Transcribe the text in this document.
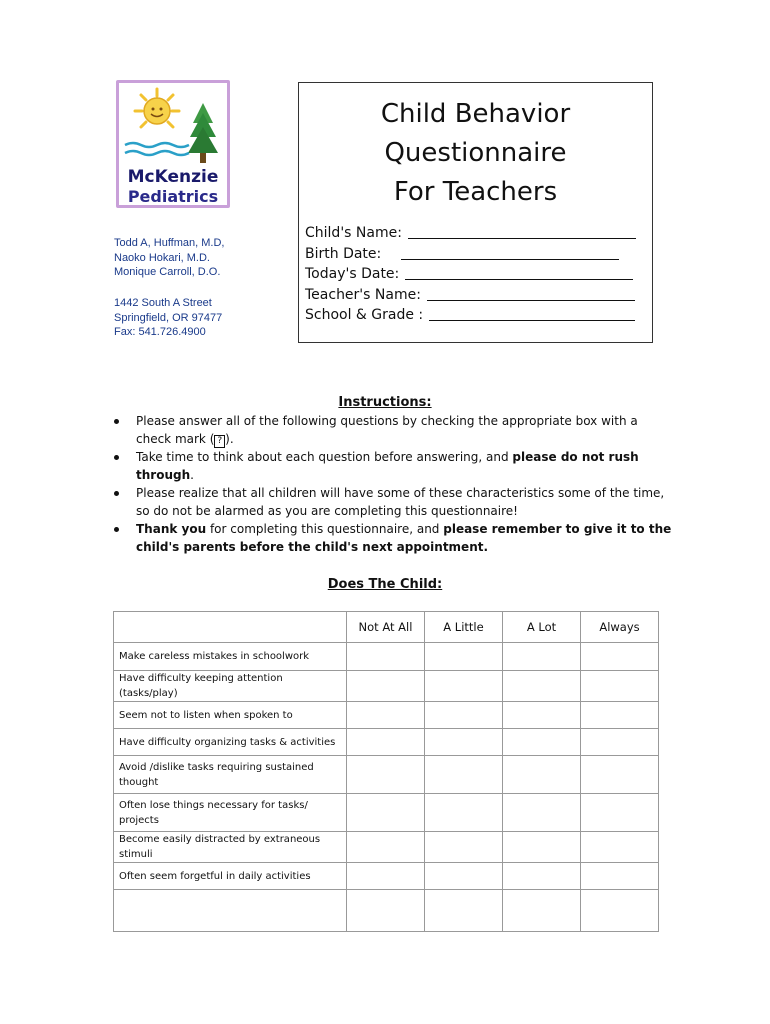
McKenzie
Pediatrics
Todd A, Huffman, M.D,
Naoko Hokari, M.D.
Monique Carroll, D.O.
1442 South A Street
Springfield, OR 97477
Fax: 541.726.4900
Child Behavior
Questionnaire
For Teachers
Child's Name:
Birth Date:
Today's Date:
Teacher's Name:
School & Grade :
Instructions:
Please answer all of the following questions by checking the appropriate box with a check mark ( ? ).
Take time to think about each question before answering, and please do not rush through.
Please realize that all children will have some of these characteristics some of the time, so do not be alarmed as you are completing this questionnaire!
Thank you for completing this questionnaire, and please remember to give it to the child's parents before the child's next appointment.
Does The Child:
	Not At All	A Little	A Lot	Always
Make careless mistakes in schoolwork				
Have difficulty keeping attention (tasks/play)				
Seem not to listen when spoken to				
Have difficulty organizing tasks & activities				
Avoid /dislike tasks requiring sustained thought				
Often lose things necessary for tasks/ projects				
Become easily distracted by extraneous stimuli				
Often seem forgetful in daily activities				
